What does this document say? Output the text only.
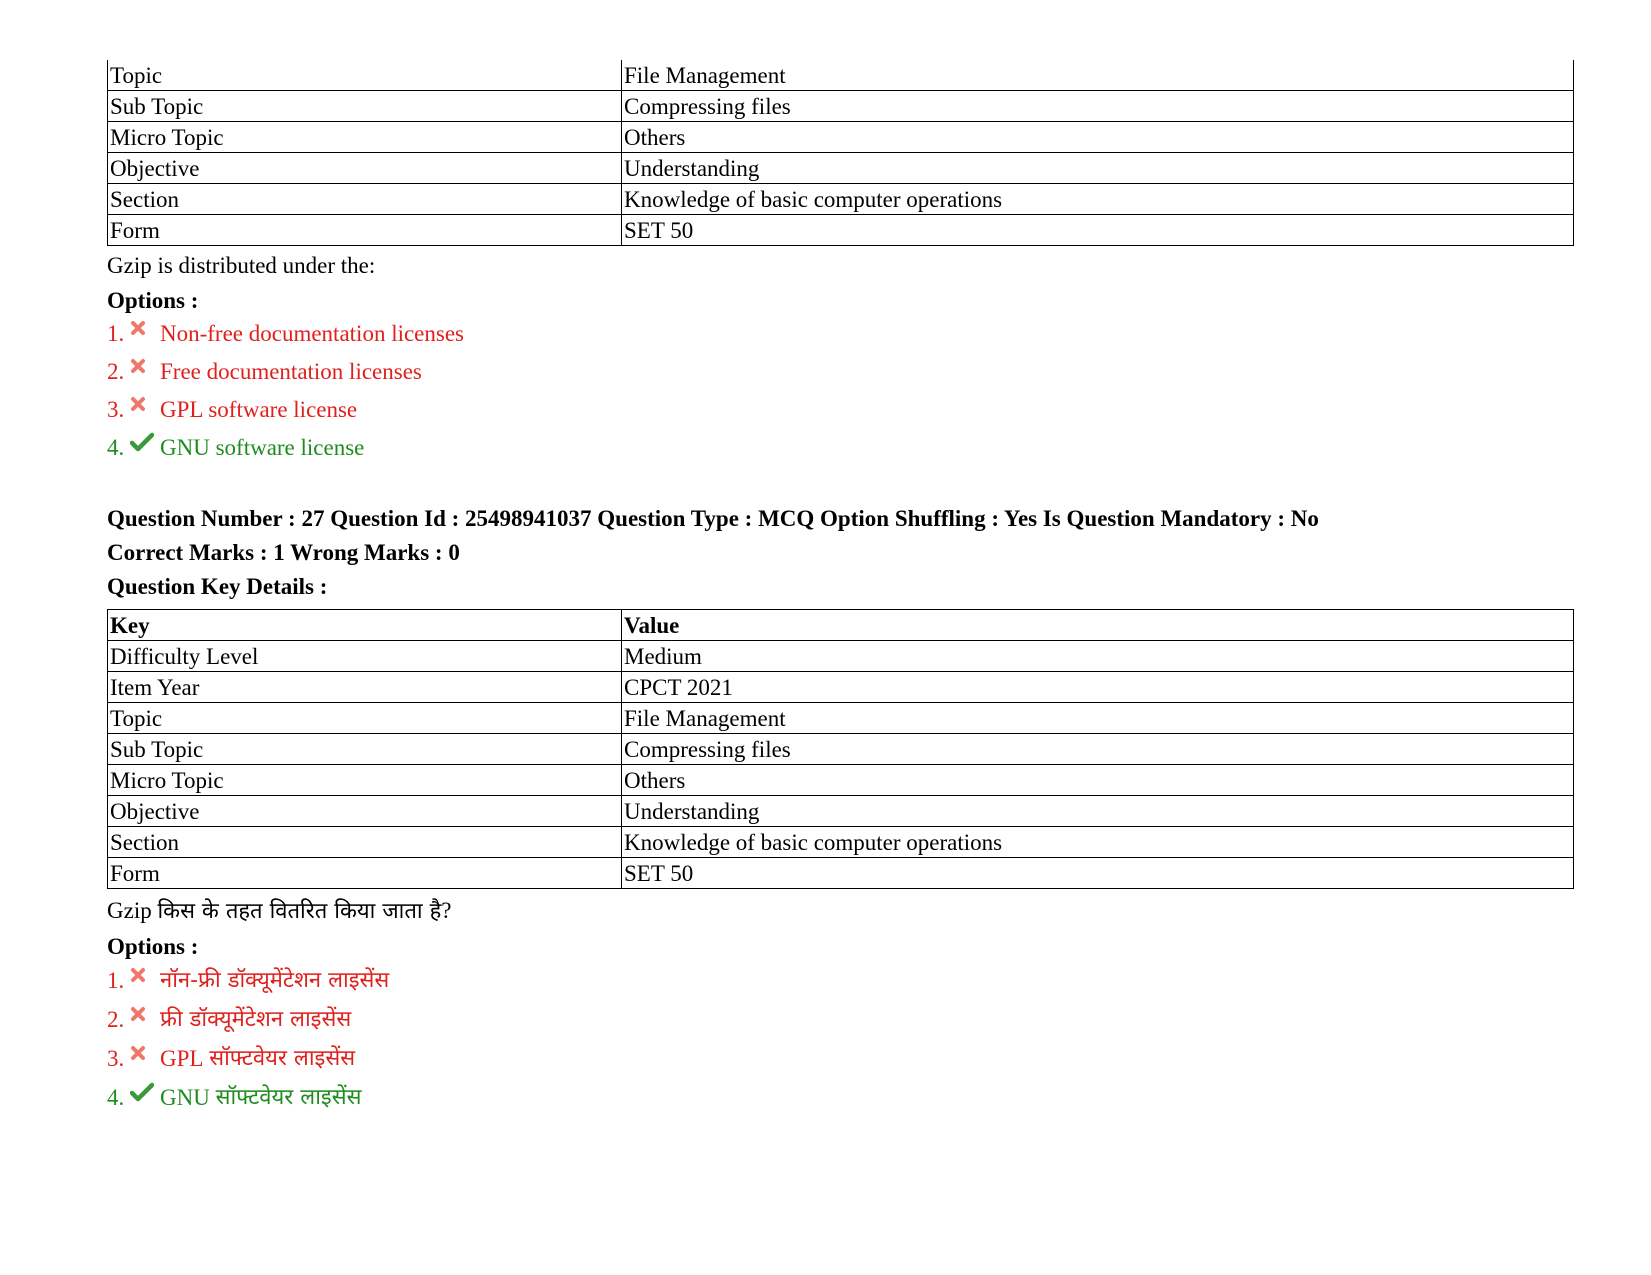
Topic	File Management
Sub Topic	Compressing files
Micro Topic	Others
Objective	Understanding
Section	Knowledge of basic computer operations
Form	SET 50
Gzip is distributed under the:
Options :
1. Non-free documentation licenses
2. Free documentation licenses
3. GPL software license
4. GNU software license
Question Number : 27 Question Id : 25498941037 Question Type : MCQ Option Shuffling : Yes Is Question Mandatory : No
Correct Marks : 1 Wrong Marks : 0
Question Key Details :
Key	Value
Difficulty Level	Medium
Item Year	CPCT 2021
Topic	File Management
Sub Topic	Compressing files
Micro Topic	Others
Objective	Understanding
Section	Knowledge of basic computer operations
Form	SET 50
Gzip किस के तहत वितरित किया जाता है?
Options :
1. नॉन-फ्री डॉक्यूमेंटेशन लाइसेंस
2. फ्री डॉक्यूमेंटेशन लाइसेंस
3. GPL
सॉफ्टवेयर लाइसेंस
4. GNU
सॉफ्टवेयर लाइसेंस
